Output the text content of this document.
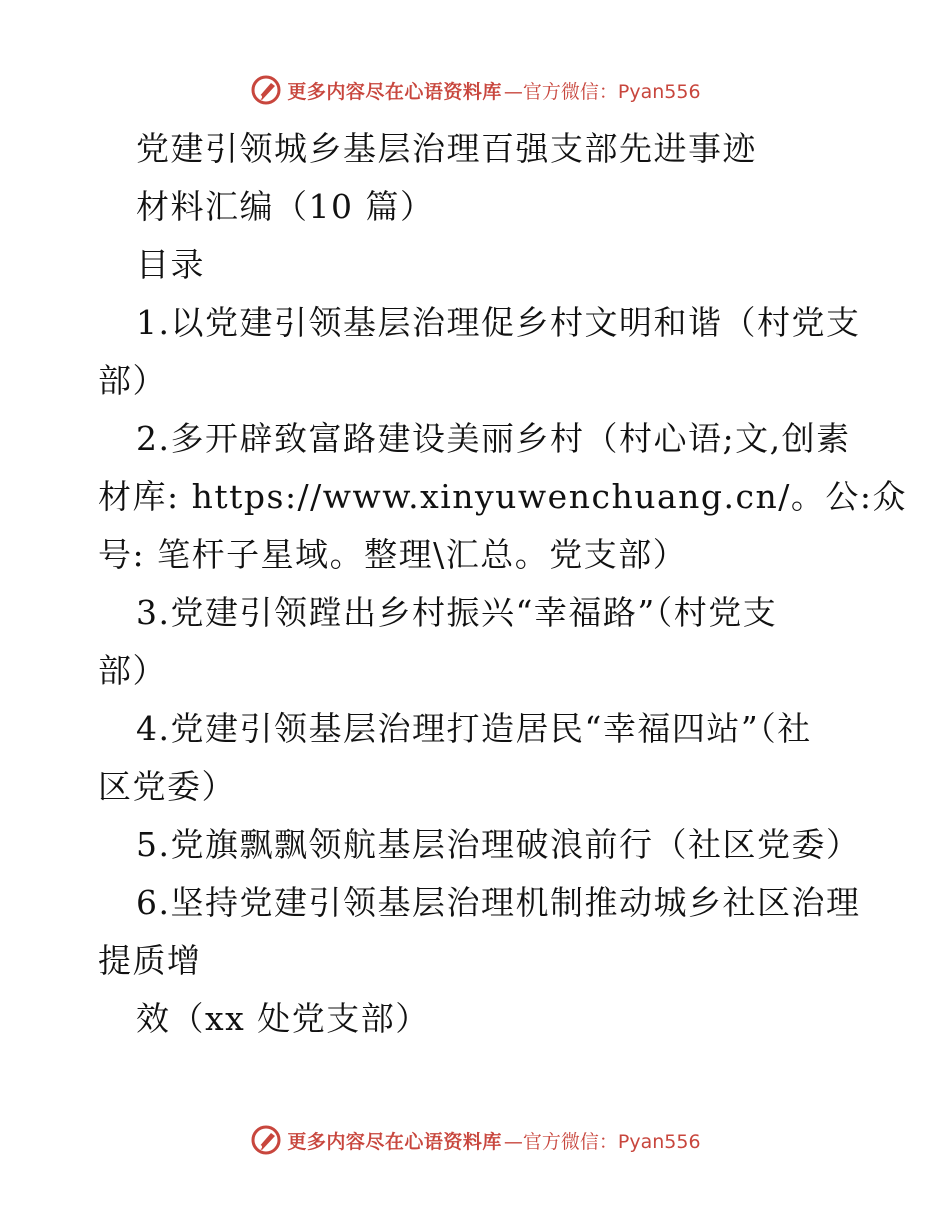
更多内容尽在心语资料库 —官方微信：Pyan556
党建引领城乡基层治理百强支部先进事迹
材料汇编（10 篇）
目录
1.以党建引领基层治理促乡村文明和谐（村党支
部）
2.多开辟致富路建设美丽乡村（村心语;文,创素
材库: https://www.xinyuwenchuang.cn/。公:众
号: 笔杆子星域。整理\汇总。党支部）
3.党建引领蹚出乡村振兴“幸福路”（村党支
部）
4.党建引领基层治理打造居民“幸福四站”（社
区党委）
5.党旗飘飘领航基层治理破浪前行（社区党委）
6.坚持党建引领基层治理机制推动城乡社区治理
提质增
效（xx 处党支部）
更多内容尽在心语资料库 —官方微信：Pyan556
